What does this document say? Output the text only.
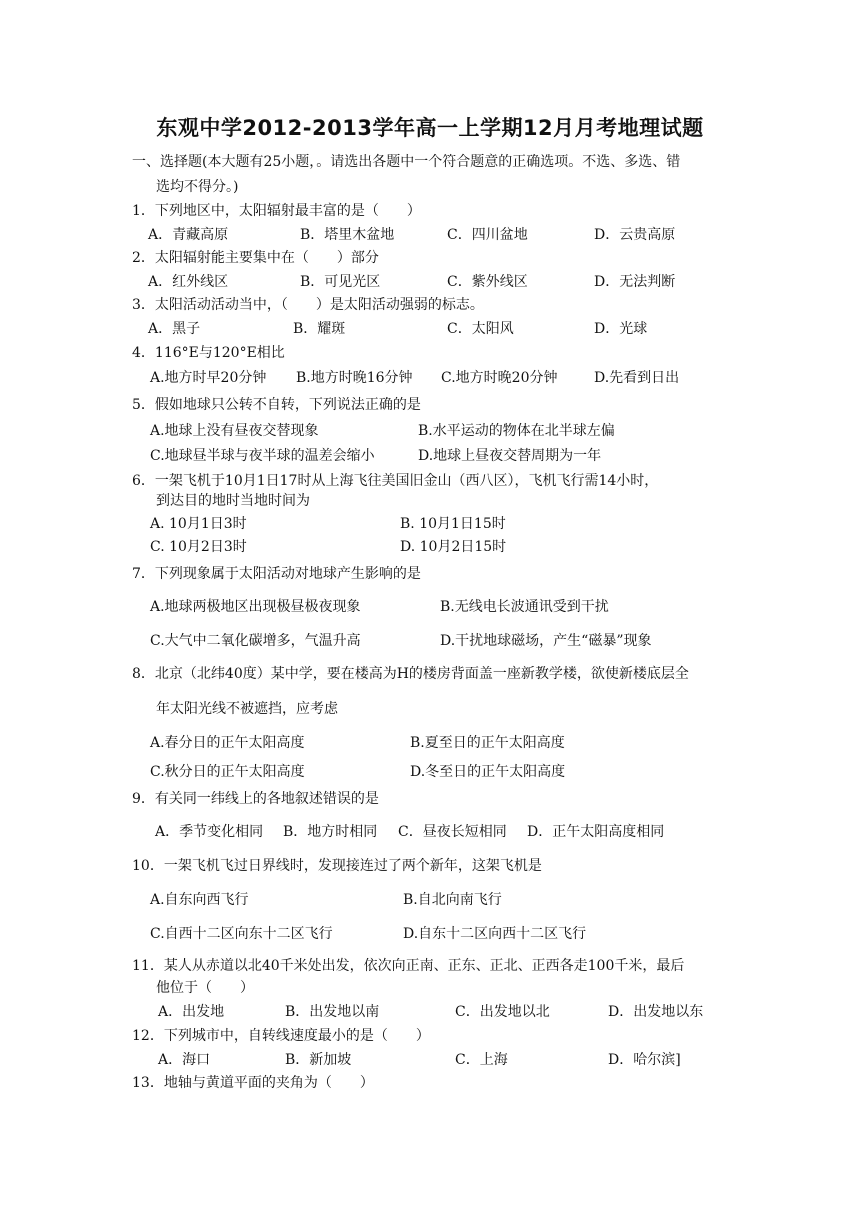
东观中学2012-2013学年高一上学期12月月考地理试题
一、选择题(本大题有25小题，。请选出各题中一个符合题意的正确选项。不选、多选、错
选均不得分。)
1．下列地区中，太阳辐射最丰富的是（　　）
A．青藏高原	B．塔里木盆地	C．四川盆地	D．云贵高原
2．太阳辐射能主要集中在（　　）部分
A．红外线区	B．可见光区	C．紫外线区	D．无法判断
3．太阳活动活动当中，（　　）是太阳活动强弱的标志。
A．黑子	B．耀斑	C．太阳风	D．光球
4．116°E与120°E相比
A.地方时早20分钟 B.地方时晚16分钟 C.地方时晚20分钟	D.先看到日出
5．假如地球只公转不自转，下列说法正确的是
A.地球上没有昼夜交替现象	B.水平运动的物体在北半球左偏
C.地球昼半球与夜半球的温差会缩小	D.地球上昼夜交替周期为一年
6．一架飞机于10月1日17时从上海飞往美国旧金山（西八区），飞机飞行需14小时，
到达目的地时当地时间为
A. 10月1日3时	B. 10月1日15时
C. 10月2日3时	D. 10月2日15时
7．下列现象属于太阳活动对地球产生影响的是
A.地球两极地区出现极昼极夜现象	B.无线电长波通讯受到干扰
C.大气中二氧化碳增多，气温升高	D.干扰地球磁场，产生“磁暴”现象
8．北京（北纬40度）某中学，要在楼高为H的楼房背面盖一座新教学楼，欲使新楼底层全
年太阳光线不被遮挡，应考虑
A.春分日的正午太阳高度	B.夏至日的正午太阳高度
C.秋分日的正午太阳高度	D.冬至日的正午太阳高度
9．有关同一纬线上的各地叙述错误的是
A．季节变化相同 B．地方时相同 C．昼夜长短相同 D．正午太阳高度相同
10．一架飞机飞过日界线时，发现接连过了两个新年，这架飞机是
A.自东向西飞行	B.自北向南飞行
C.自西十二区向东十二区飞行	D.自东十二区向西十二区飞行
11．某人从赤道以北40千米处出发，依次向正南、正东、正北、正西各走100千米，最后
他位于（　　）
A．出发地	B．出发地以南	C．出发地以北	D．出发地以东
12．下列城市中，自转线速度最小的是（　　）
A．海口	B．新加坡	C．上海	D．哈尔滨]
13．地轴与黄道平面的夹角为（　　）
